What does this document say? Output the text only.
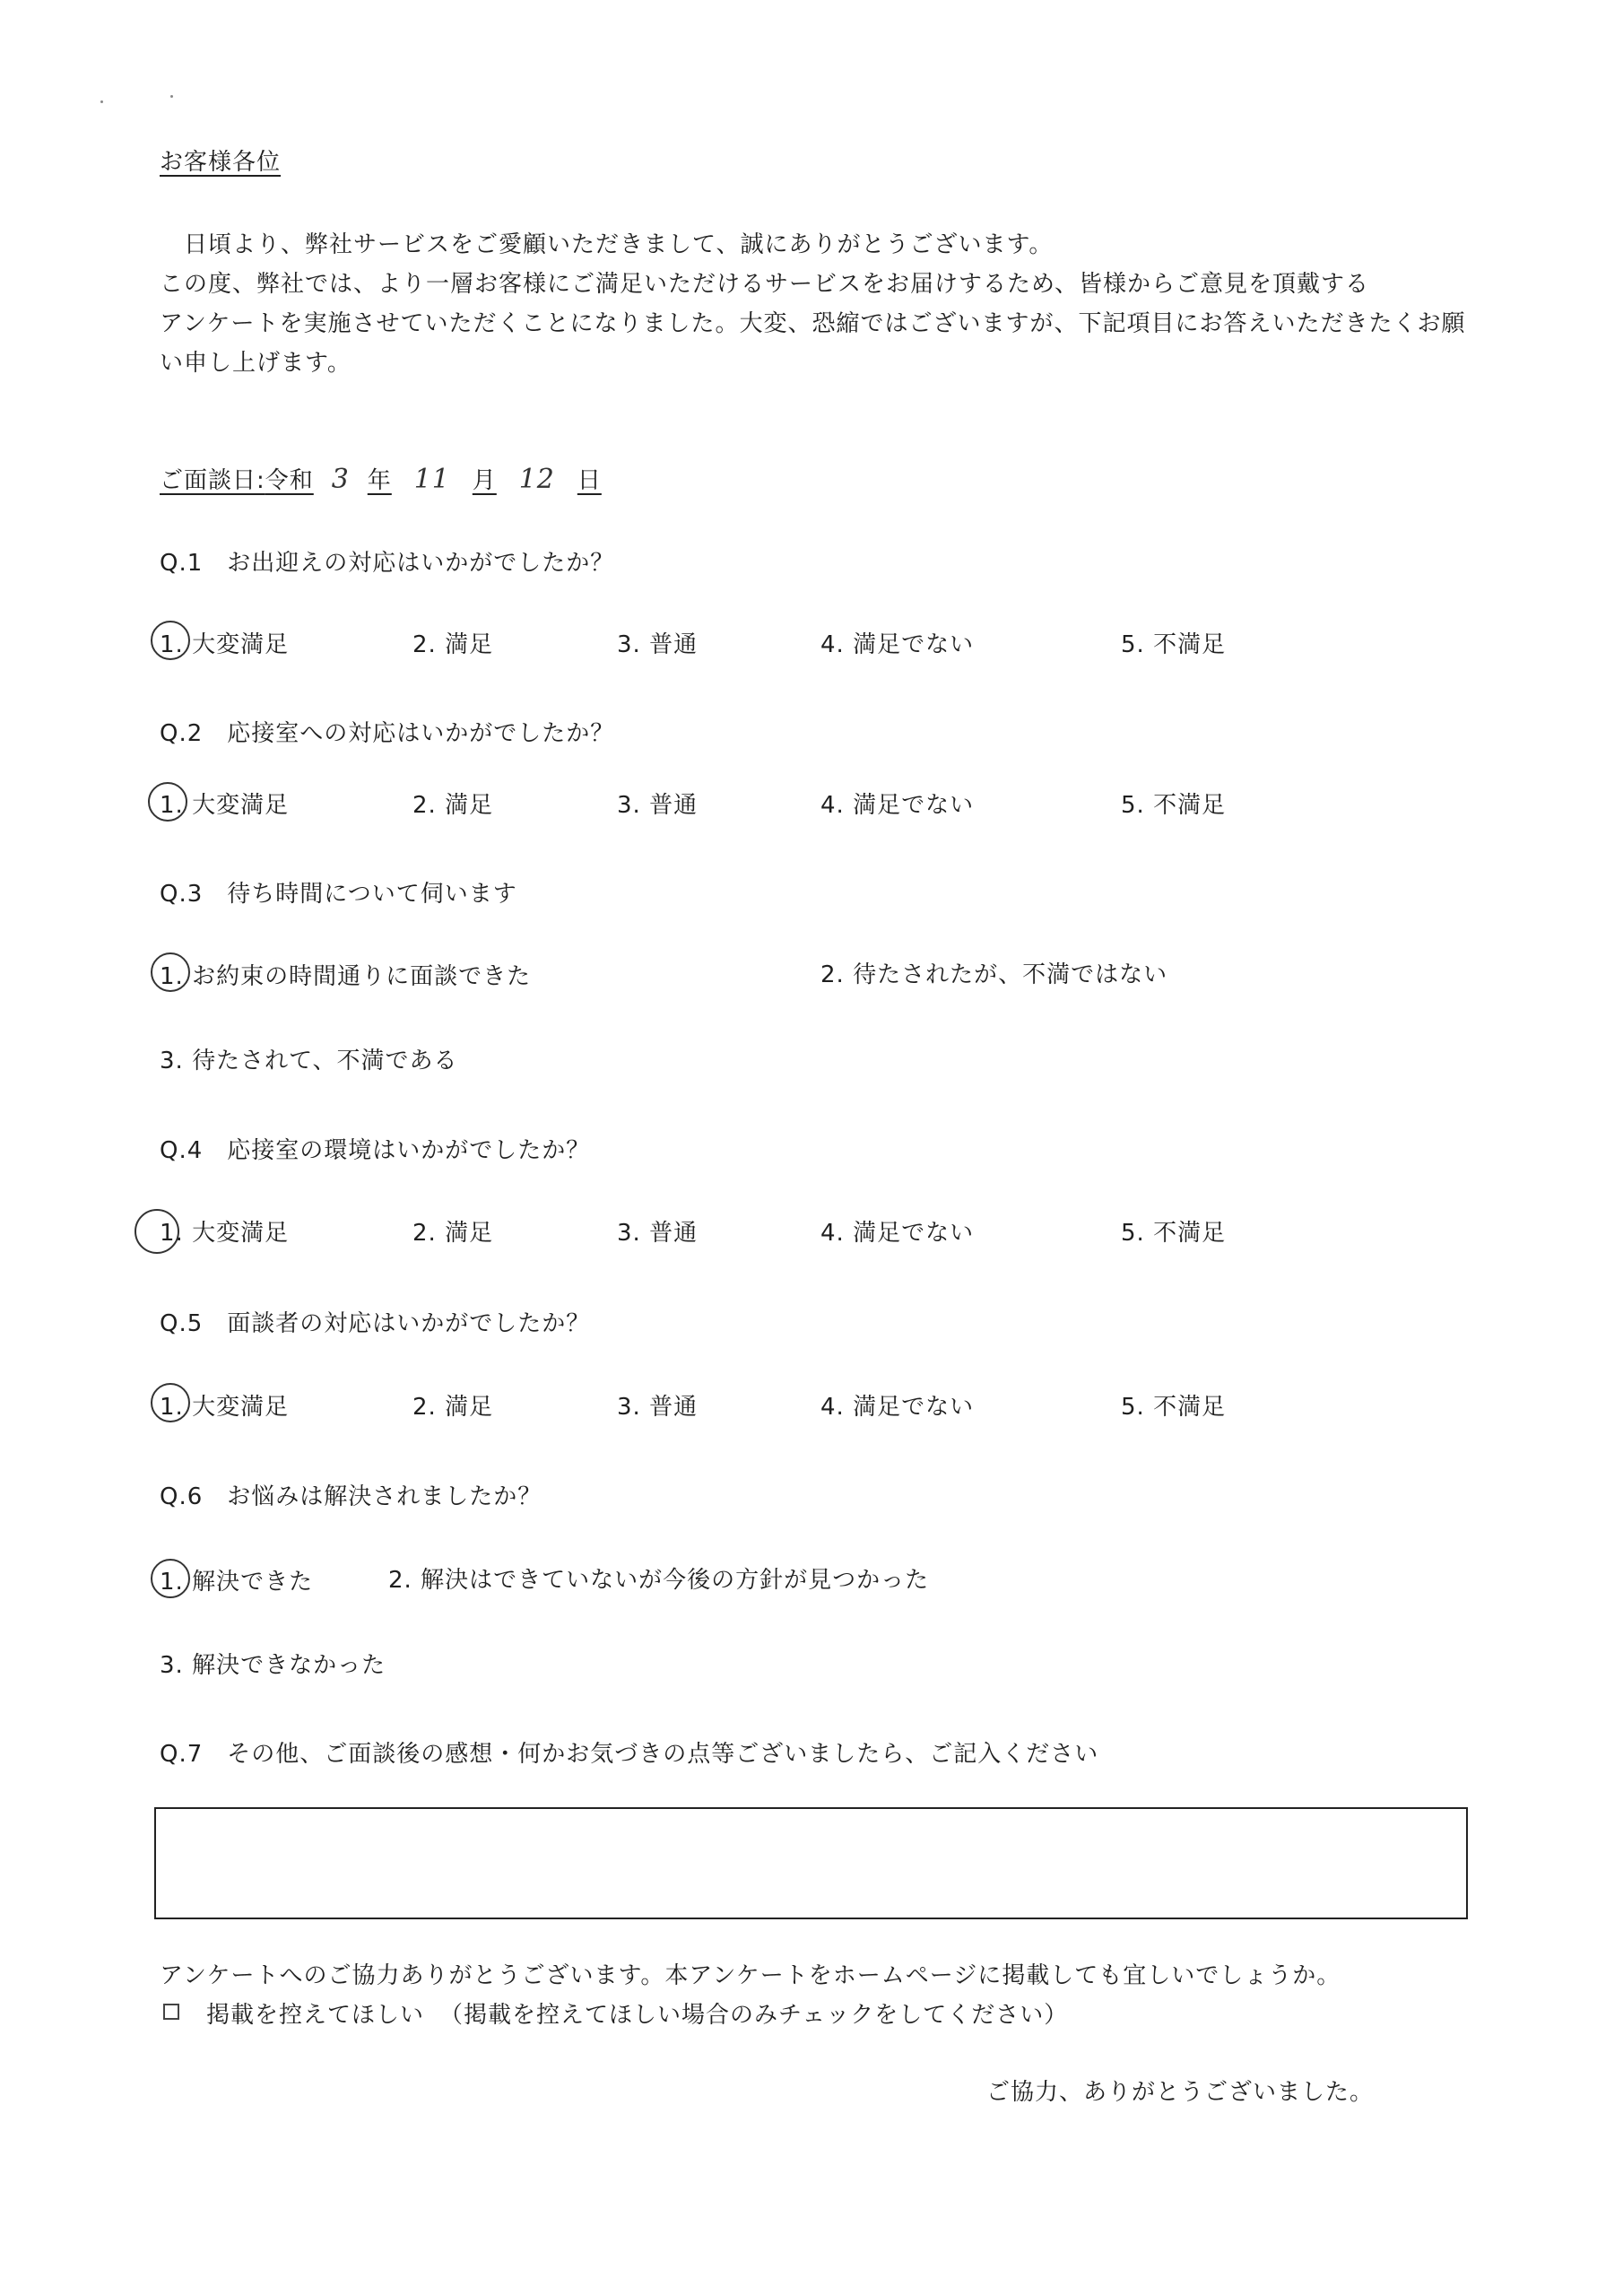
お客様各位
日頃より、弊社サービスをご愛顧いただきまして、誠にありがとうございます。
この度、弊社では、より一層お客様にご満足いただけるサービスをお届けするため、皆様からご意見を頂戴する
アンケートを実施させていただくことになりました。大変、恐縮ではございますが、下記項目にお答えいただきたくお願
い申し上げます。
ご面談日:令和 3 年 11 月 12 日
Q.1　お出迎えの対応はいかがでしたか？
1. 大変満足	2. 満足	3. 普通	4. 満足でない	5. 不満足
Q.2　応接室への対応はいかがでしたか？
1. 大変満足	2. 満足	3. 普通	4. 満足でない	5. 不満足
Q.3　待ち時間について伺います
1. お約束の時間通りに面談できた	2. 待たされたが、不満ではない
3. 待たされて、不満である
Q.4　応接室の環境はいかがでしたか？
1. 大変満足	2. 満足	3. 普通	4. 満足でない	5. 不満足
Q.5　面談者の対応はいかがでしたか？
1. 大変満足	2. 満足	3. 普通	4. 満足でない	5. 不満足
Q.6　お悩みは解決されましたか？
1. 解決できた	2. 解決はできていないが今後の方針が見つかった
3. 解決できなかった
Q.7　その他、ご面談後の感想・何かお気づきの点等ございましたら、ご記入ください
アンケートへのご協力ありがとうございます。本アンケートをホームページに掲載しても宜しいでしょうか。
掲載を控えてほしい （掲載を控えてほしい場合のみチェックをしてください）
ご協力、ありがとうございました。
